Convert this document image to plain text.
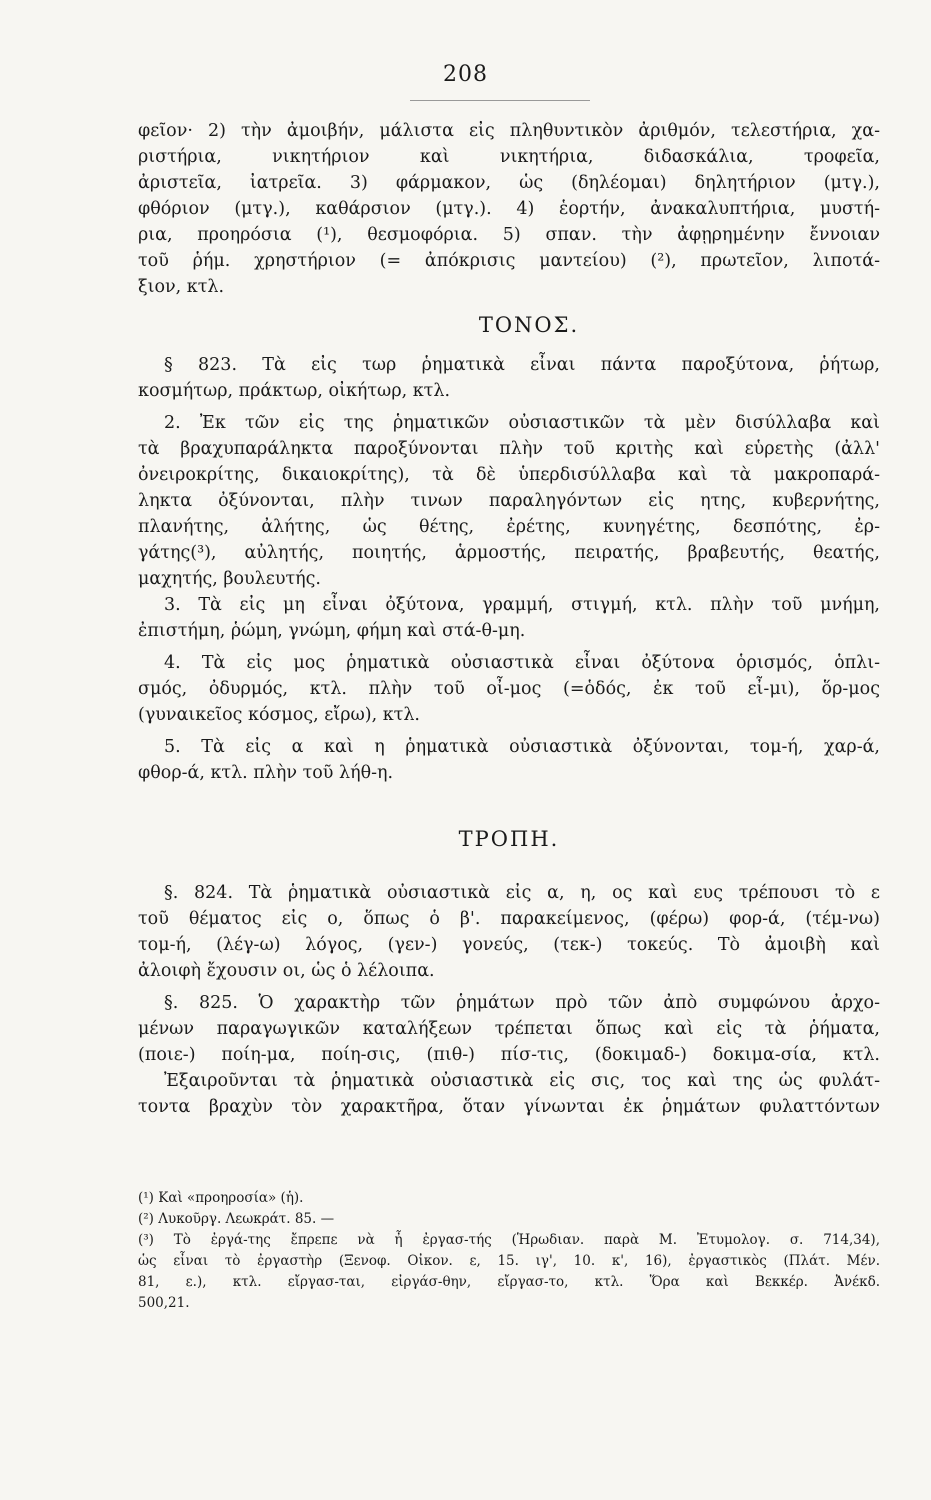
208
φεῖον· 2) τὴν ἀμοιβήν, μάλιστα εἰς πληθυντικὸν ἀριθμόν, τελεστήρια, χα-
ριστήρια, νικητήριον καὶ νικητήρια, διδασκάλια, τροφεῖα,
ἀριστεῖα, ἰατρεῖα. 3) φάρμακον, ὡς (δηλέομαι) δηλητήριον (μτγ.),
φθόριον (μτγ.), καθάρσιον (μτγ.). 4) ἑορτήν, ἀνακαλυπτήρια, μυστή-
ρια, προηρόσια (¹), θεσμοφόρια. 5) σπαν. τὴν ἀφῃρημένην ἔννοιαν
τοῦ ῥήμ. χρηστήριον (= ἀπόκρισις μαντείου) (²), πρωτεῖον, λιποτά-
ξιον, κτλ.
ΤΟΝΟΣ.
§ 823. Τὰ εἰς τωρ ῥηματικὰ εἶναι πάντα παροξύτονα, ῥήτωρ,
κοσμήτωρ, πράκτωρ, οἰκήτωρ, κτλ.
2. Ἐκ τῶν εἰς της ῥηματικῶν οὐσιαστικῶν τὰ μὲν δισύλλαβα καὶ
τὰ βραχυπαράληκτα παροξύνονται πλὴν τοῦ κριτὴς καὶ εὑρετὴς (ἀλλ'
ὀνειροκρίτης, δικαιοκρίτης), τὰ δὲ ὑπερδισύλλαβα καὶ τὰ μακροπαρά-
ληκτα ὀξύνονται, πλὴν τινων παραληγόντων εἰς ητης, κυβερνήτης,
πλανήτης, ἀλήτης, ὡς θέτης, ἐρέτης, κυνηγέτης, δεσπότης, ἐρ-
γάτης(³), αὐλητής, ποιητής, ἁρμοστής, πειρατής, βραβευτής, θεατής,
μαχητής, βουλευτής.
3. Τὰ εἰς μη εἶναι ὀξύτονα, γραμμή, στιγμή, κτλ. πλὴν τοῦ μνήμη,
ἐπιστήμη, ῥώμη, γνώμη, φήμη καὶ στά-θ-μη.
4. Τὰ εἰς μος ῥηματικὰ οὐσιαστικὰ εἶναι ὀξύτονα ὁρισμός, ὁπλι-
σμός, ὀδυρμός, κτλ. πλὴν τοῦ οἶ-μος (=ὁδός, ἐκ τοῦ εἶ-μι), ὅρ-μος
(γυναικεῖος κόσμος, εἴρω), κτλ.
5. Τὰ εἰς α καὶ η ῥηματικὰ οὐσιαστικὰ ὀξύνονται, τομ-ή, χαρ-ά,
φθορ-ά, κτλ. πλὴν τοῦ λήθ-η.
ΤΡΟΠΗ.
§. 824. Τὰ ῥηματικὰ οὐσιαστικὰ εἰς α, η, ος καὶ ευς τρέπουσι τὸ ε
τοῦ θέματος εἰς ο, ὅπως ὁ β'. παρακείμενος, (φέρω) φορ-ά, (τέμ-νω)
τομ-ή, (λέγ-ω) λόγος, (γεν-) γονεύς, (τεκ-) τοκεύς. Τὸ ἀμοιβὴ καὶ
ἀλοιφὴ ἔχουσιν οι, ὡς ὁ λέλοιπα.
§. 825. Ὁ χαρακτὴρ τῶν ῥημάτων πρὸ τῶν ἀπὸ συμφώνου ἀρχο-
μένων παραγωγικῶν καταλήξεων τρέπεται ὅπως καὶ εἰς τὰ ῥήματα,
(ποιε-) ποίη-μα, ποίη-σις, (πιθ-) πίσ-τις, (δοκιμαδ-) δοκιμα-σία, κτλ.
Ἐξαιροῦνται τὰ ῥηματικὰ οὐσιαστικὰ εἰς σις, τος καὶ της ὡς φυλάτ-
τοντα βραχὺν τὸν χαρακτῆρα, ὅταν γίνωνται ἐκ ῥημάτων φυλαττόντων
(¹) Καὶ «προηροσία» (ἡ).
(²) Λυκοῦργ. Λεωκράτ. 85. —
(³) Τὸ ἐργά-της ἔπρεπε νὰ ἦ ἐργασ-τής (Ἡρωδιαν. παρὰ Μ. Ἐτυμολογ. σ. 714,34),
ὡς εἶναι τὸ ἐργαστὴρ (Ξενοφ. Οἰκον. ε, 15. ιγ', 10. κ', 16), ἐργαστικὸς (Πλάτ. Μέν.
81, ε.), κτλ. εἴργασ-ται, εἰργάσ-θην, εἴργασ-το, κτλ. Ὅρα καὶ Βεκκέρ. Ἀνέκδ.
500,21.
